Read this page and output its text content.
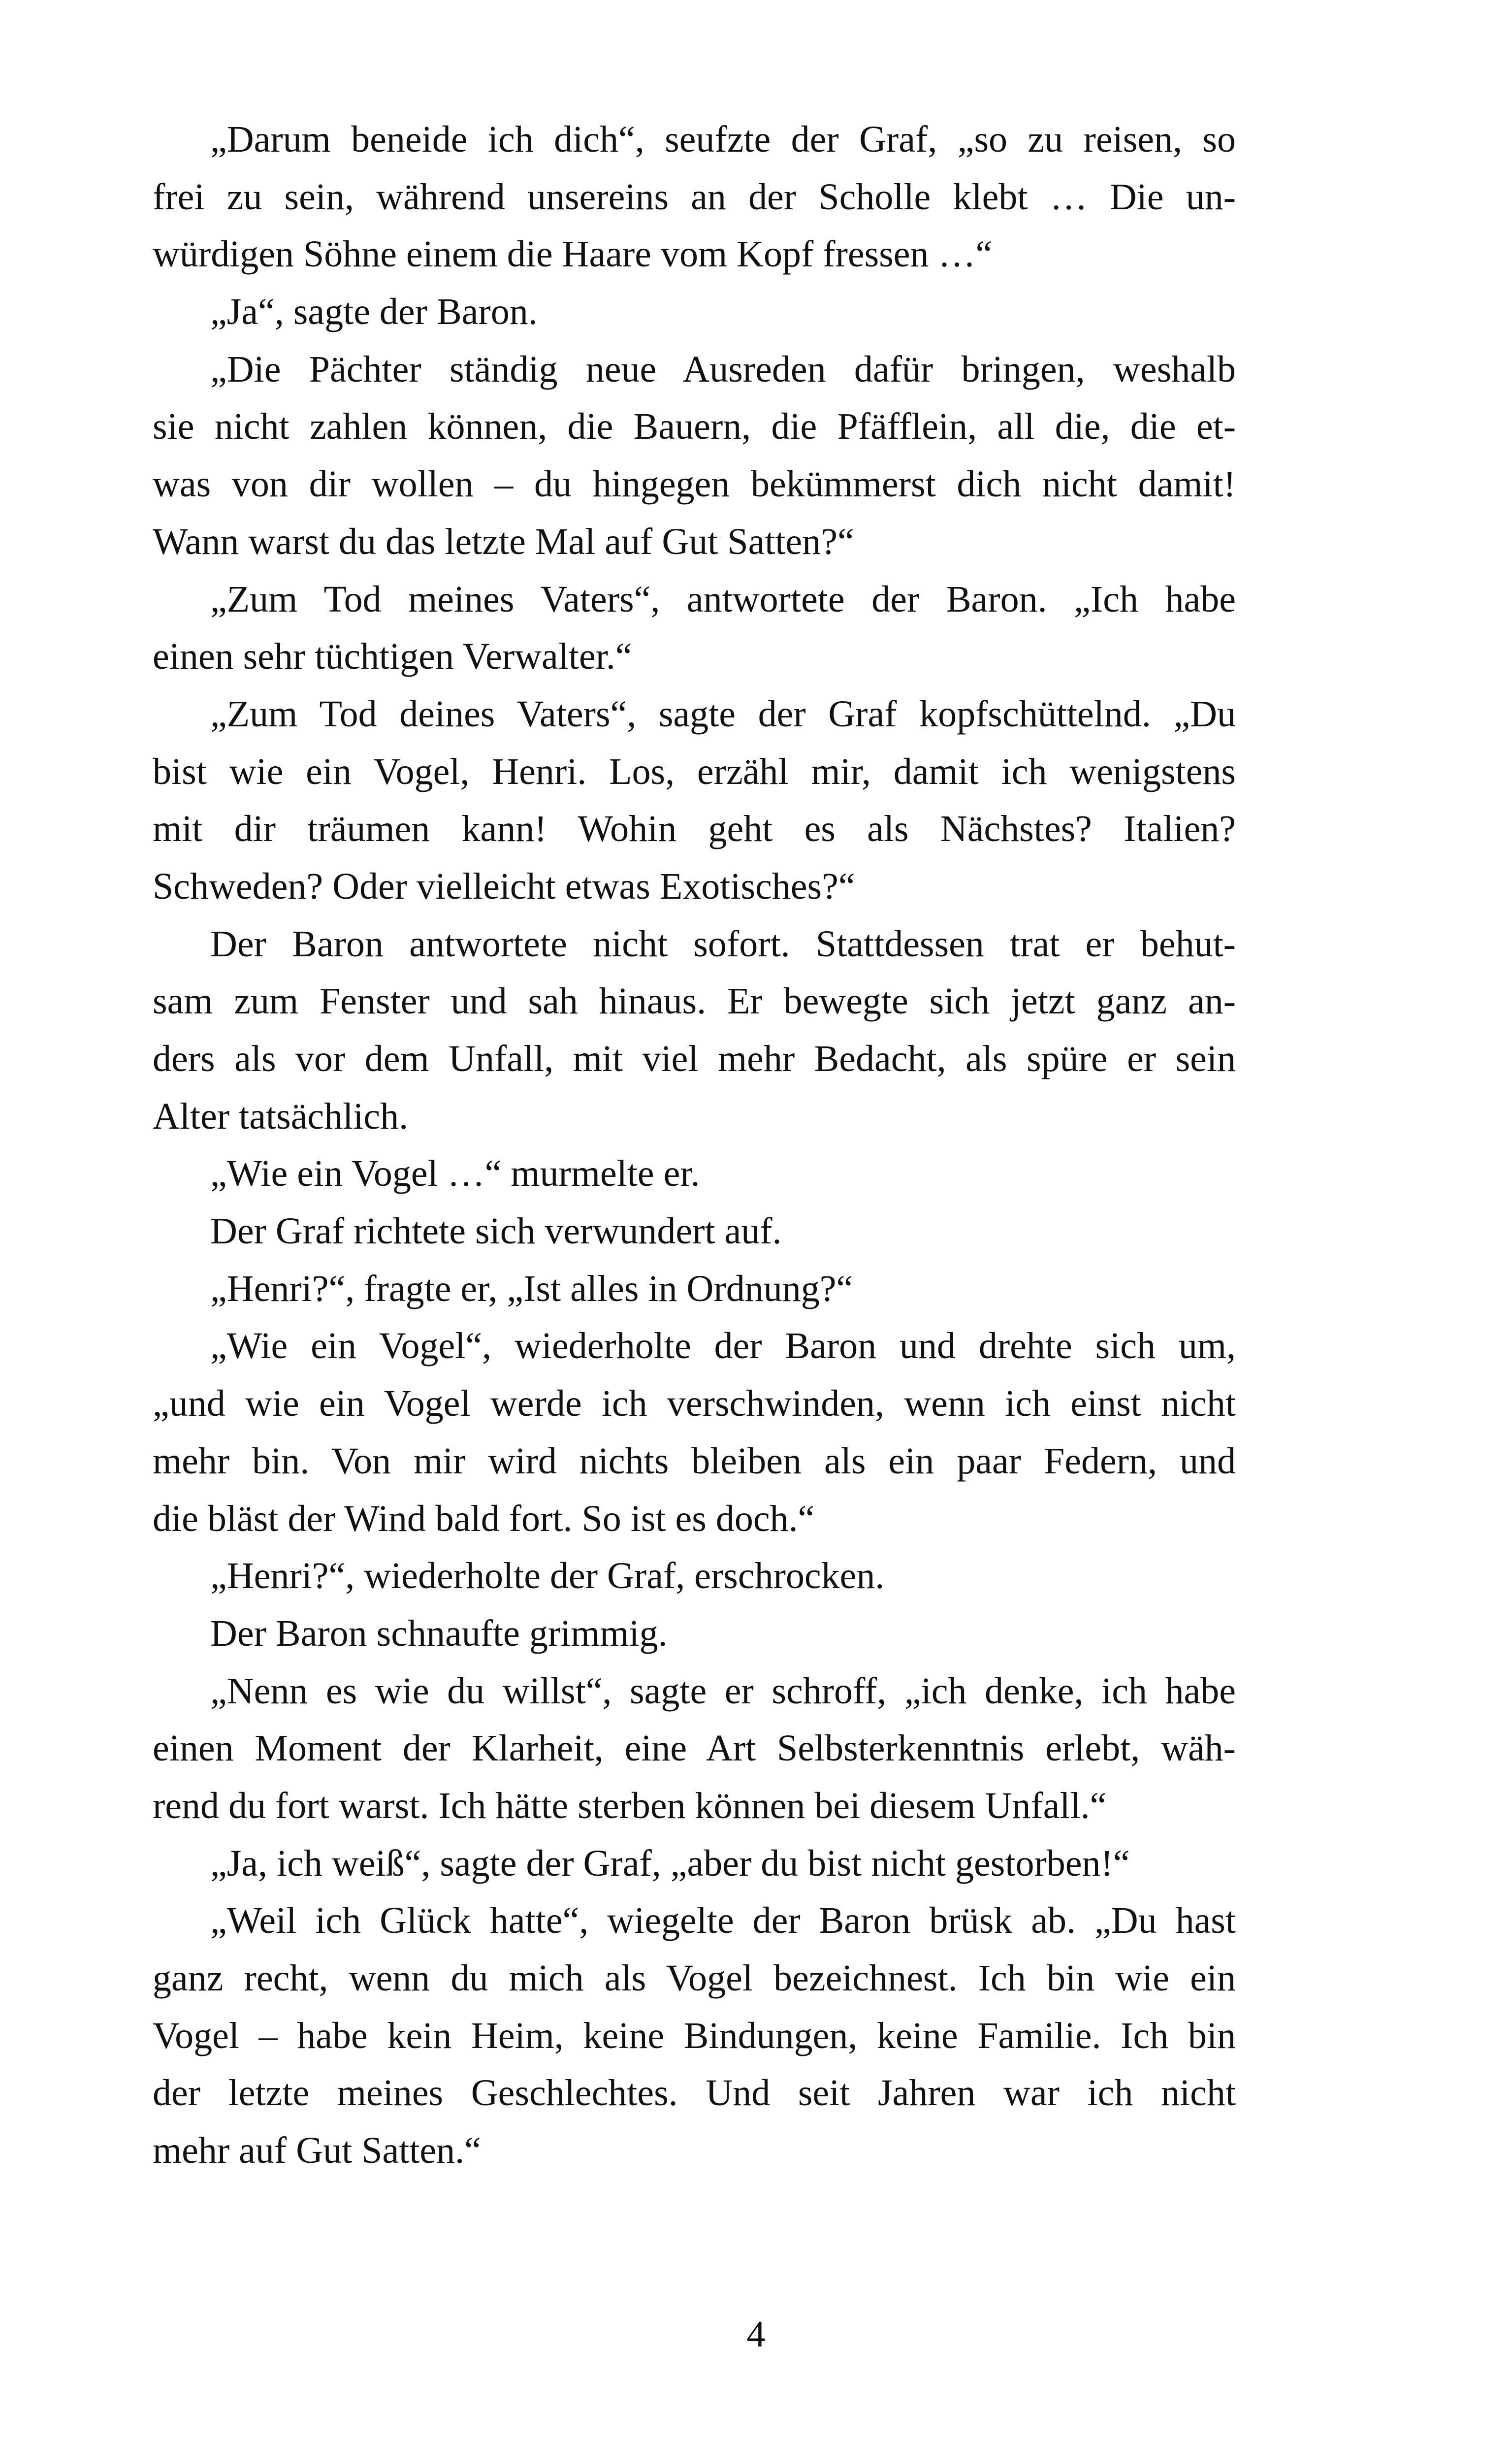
„Darum beneide ich dich“, seufzte der Graf, „so zu reisen, so
frei zu sein, während unsereins an der Scholle klebt … Die un-
würdigen Söhne einem die Haare vom Kopf fressen …“
„Ja“, sagte der Baron.
„Die Pächter ständig neue Ausreden dafür bringen, weshalb
sie nicht zahlen können, die Bauern, die Pfäfflein, all die, die et-
was von dir wollen – du hingegen bekümmerst dich nicht damit!
Wann warst du das letzte Mal auf Gut Satten?“
„Zum Tod meines Vaters“, antwortete der Baron. „Ich habe
einen sehr tüchtigen Verwalter.“
„Zum Tod deines Vaters“, sagte der Graf kopfschüttelnd. „Du
bist wie ein Vogel, Henri. Los, erzähl mir, damit ich wenigstens
mit dir träumen kann! Wohin geht es als Nächstes? Italien?
Schweden? Oder vielleicht etwas Exotisches?“
Der Baron antwortete nicht sofort. Stattdessen trat er behut-
sam zum Fenster und sah hinaus. Er bewegte sich jetzt ganz an-
ders als vor dem Unfall, mit viel mehr Bedacht, als spüre er sein
Alter tatsächlich.
„Wie ein Vogel …“ murmelte er.
Der Graf richtete sich verwundert auf.
„Henri?“, fragte er, „Ist alles in Ordnung?“
„Wie ein Vogel“, wiederholte der Baron und drehte sich um,
„und wie ein Vogel werde ich verschwinden, wenn ich einst nicht
mehr bin. Von mir wird nichts bleiben als ein paar Federn, und
die bläst der Wind bald fort. So ist es doch.“
„Henri?“, wiederholte der Graf, erschrocken.
Der Baron schnaufte grimmig.
„Nenn es wie du willst“, sagte er schroff, „ich denke, ich habe
einen Moment der Klarheit, eine Art Selbsterkenntnis erlebt, wäh-
rend du fort warst. Ich hätte sterben können bei diesem Unfall.“
„Ja, ich weiß“, sagte der Graf, „aber du bist nicht gestorben!“
„Weil ich Glück hatte“, wiegelte der Baron brüsk ab. „Du hast
ganz recht, wenn du mich als Vogel bezeichnest. Ich bin wie ein
Vogel – habe kein Heim, keine Bindungen, keine Familie. Ich bin
der letzte meines Geschlechtes. Und seit Jahren war ich nicht
mehr auf Gut Satten.“
4
